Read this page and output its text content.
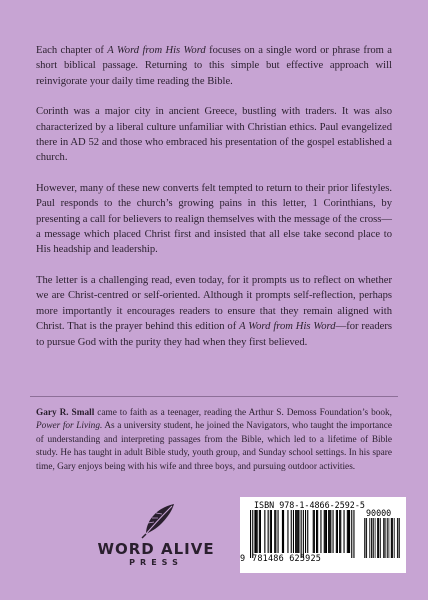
Each chapter of A Word from His Word focuses on a single word or phrase from a short biblical passage. Returning to this simple but effective approach will reinvigorate your daily time reading the Bible.

Corinth was a major city in ancient Greece, bustling with traders. It was also characterized by a liberal culture unfamiliar with Christian ethics. Paul evangelized there in AD 52 and those who embraced his presentation of the gospel established a church.

However, many of these new converts felt tempted to return to their prior lifestyles. Paul responds to the church’s growing pains in this letter, 1 Corinthians, by presenting a call for believers to realign themselves with the message of the cross—a message which placed Christ first and insisted that all else take second place to His headship and leadership.

The letter is a challenging read, even today, for it prompts us to reflect on whether we are Christ-centred or self-oriented. Although it prompts self-reflection, perhaps more importantly it encourages readers to ensure that they remain aligned with Christ. That is the prayer behind this edition of A Word from His Word—for readers to pursue God with the purity they had when they first believed.

Gary R. Small came to faith as a teenager, reading the Arthur S. Demoss Foundation’s book, Power for Living. As a university student, he joined the Navigators, who taught the importance of understanding and interpreting passages from the Bible, which led to a lifetime of Bible study. He has taught in adult Bible study, youth group, and Sunday school settings. In his spare time, Gary enjoys being with his wife and three boys, and pursuing outdoor activities.
WORD ALIVE
PRESS
ISBN 978-1-4866-2592-5
90000
9 781486 625925
